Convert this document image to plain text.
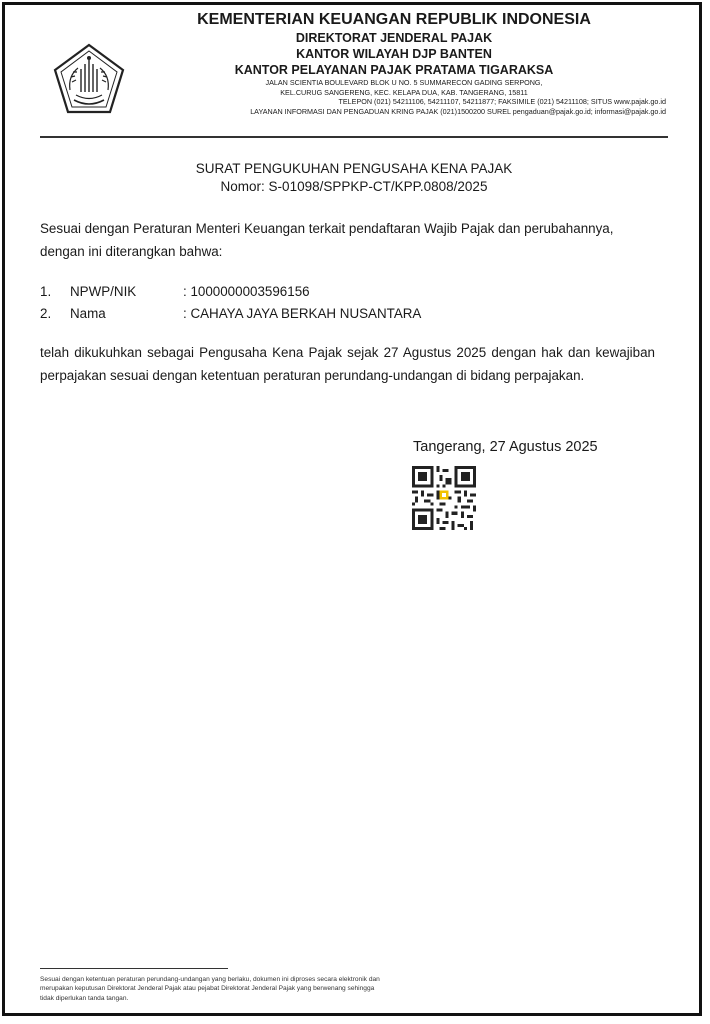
KEMENTERIAN KEUANGAN REPUBLIK INDONESIA
DIREKTORAT JENDERAL PAJAK
KANTOR WILAYAH DJP BANTEN
KANTOR PELAYANAN PAJAK PRATAMA TIGARAKSA
JALAN SCIENTIA BOULEVARD BLOK U NO. 5 SUMMARECON GADING SERPONG,
KEL.CURUG SANGERENG, KEC. KELAPA DUA, KAB. TANGERANG, 15811
TELEPON (021) 54211106, 54211107, 54211877; FAKSIMILE (021) 54211108; SITUS www.pajak.go.id
LAYANAN INFORMASI DAN PENGADUAN KRING PAJAK (021)1500200 SUREL pengaduan@pajak.go.id; informasi@pajak.go.id
SURAT PENGUKUHAN PENGUSAHA KENA PAJAK
Nomor: S-01098/SPPKP-CT/KPP.0808/2025
Sesuai dengan Peraturan Menteri Keuangan terkait pendaftaran Wajib Pajak dan perubahannya, dengan ini diterangkan bahwa:
1.	NPWP/NIK	: 1000000003596156
2.	Nama	: CAHAYA JAYA BERKAH NUSANTARA
telah dikukuhkan sebagai Pengusaha Kena Pajak sejak 27 Agustus 2025 dengan hak dan kewajiban perpajakan sesuai dengan ketentuan peraturan perundang-undangan di bidang perpajakan.
Tangerang, 27 Agustus 2025
Sesuai dengan ketentuan peraturan perundang-undangan yang berlaku, dokumen ini diproses secara elektronik dan merupakan keputusan Direktorat Jenderal Pajak atau pejabat Direktorat Jenderal Pajak yang berwenang sehingga tidak diperlukan tanda tangan.
